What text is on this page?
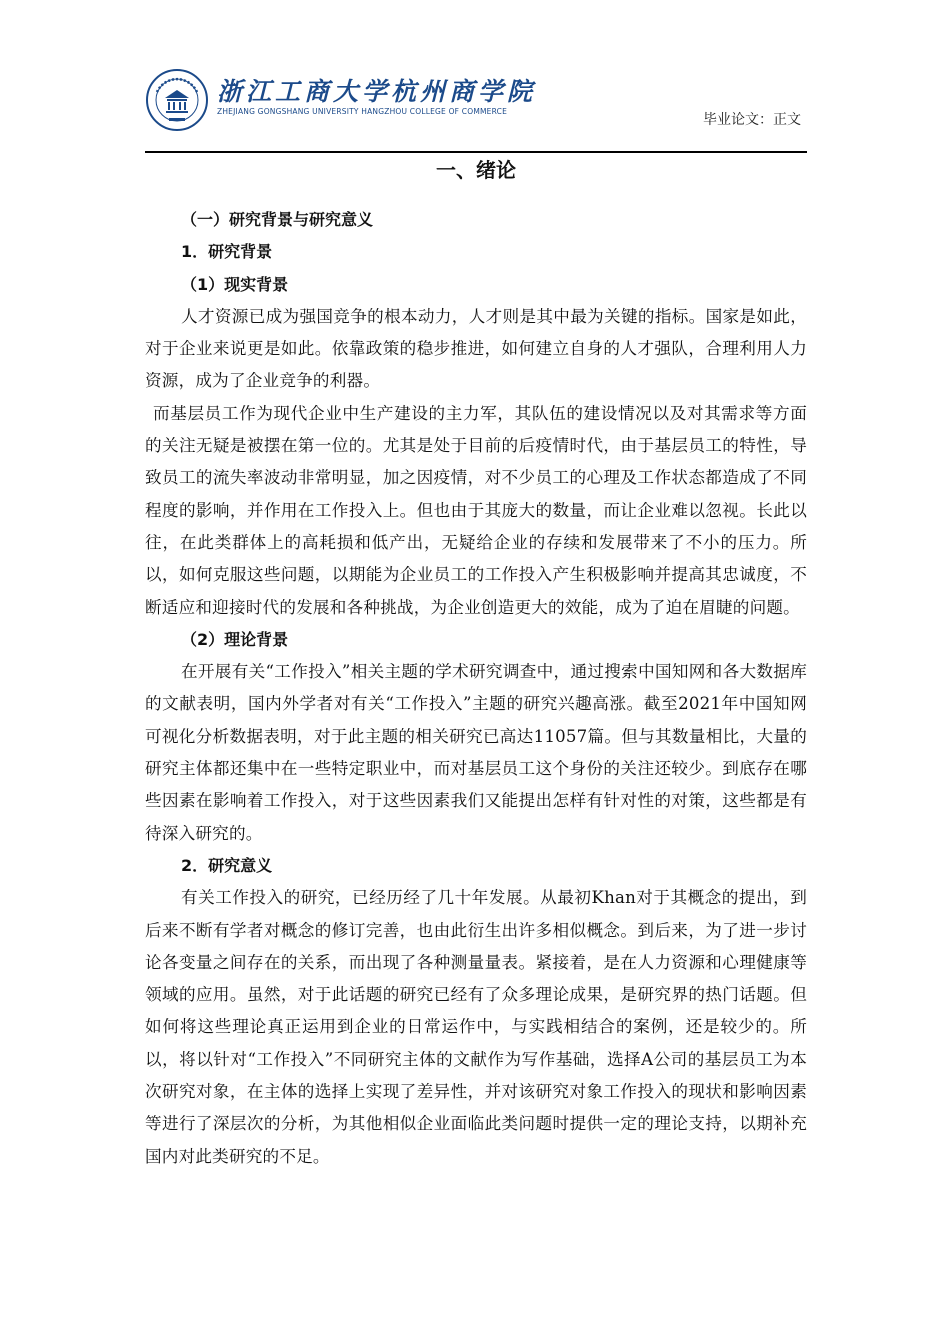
浙江工商大学杭州商学院
ZHEJIANG GONGSHANG UNIVERSITY HANGZHOU COLLEGE OF COMMERCE
毕业论文：正文
一、绪论
（一）研究背景与研究意义
1．研究背景
（1）现实背景

人才资源已成为强国竞争的根本动力，人才则是其中最为关键的指标。国家是如此，对于企业来说更是如此。依靠政策的稳步推进，如何建立自身的人才强队，合理利用人力资源，成为了企业竞争的利器。

而基层员工作为现代企业中生产建设的主力军，其队伍的建设情况以及对其需求等方面的关注无疑是被摆在第一位的。尤其是处于目前的后疫情时代，由于基层员工的特性，导致员工的流失率波动非常明显，加之因疫情，对不少员工的心理及工作状态都造成了不同程度的影响，并作用在工作投入上。但也由于其庞大的数量，而让企业难以忽视。长此以往，在此类群体上的高耗损和低产出，无疑给企业的存续和发展带来了不小的压力。所以，如何克服这些问题，以期能为企业员工的工作投入产生积极影响并提高其忠诚度，不断适应和迎接时代的发展和各种挑战，为企业创造更大的效能，成为了迫在眉睫的问题。

（2）理论背景

在开展有关“工作投入”相关主题的学术研究调查中，通过搜索中国知网和各大数据库的文献表明，国内外学者对有关“工作投入”主题的研究兴趣高涨。截至2021年中国知网可视化分析数据表明，对于此主题的相关研究已高达11057篇。但与其数量相比，大量的研究主体都还集中在一些特定职业中，而对基层员工这个身份的关注还较少。到底存在哪些因素在影响着工作投入，对于这些因素我们又能提出怎样有针对性的对策，这些都是有待深入研究的。

2．研究意义

有关工作投入的研究，已经历经了几十年发展。从最初Khan对于其概念的提出，到后来不断有学者对概念的修订完善，也由此衍生出许多相似概念。到后来，为了进一步讨论各变量之间存在的关系，而出现了各种测量量表。紧接着，是在人力资源和心理健康等领域的应用。虽然，对于此话题的研究已经有了众多理论成果，是研究界的热门话题。但如何将这些理论真正运用到企业的日常运作中，与实践相结合的案例，还是较少的。所以，将以针对“工作投入”不同研究主体的文献作为写作基础，选择A公司的基层员工为本次研究对象，在主体的选择上实现了差异性，并对该研究对象工作投入的现状和影响因素等进行了深层次的分析，为其他相似企业面临此类问题时提供一定的理论支持，以期补充国内对此类研究的不足。
